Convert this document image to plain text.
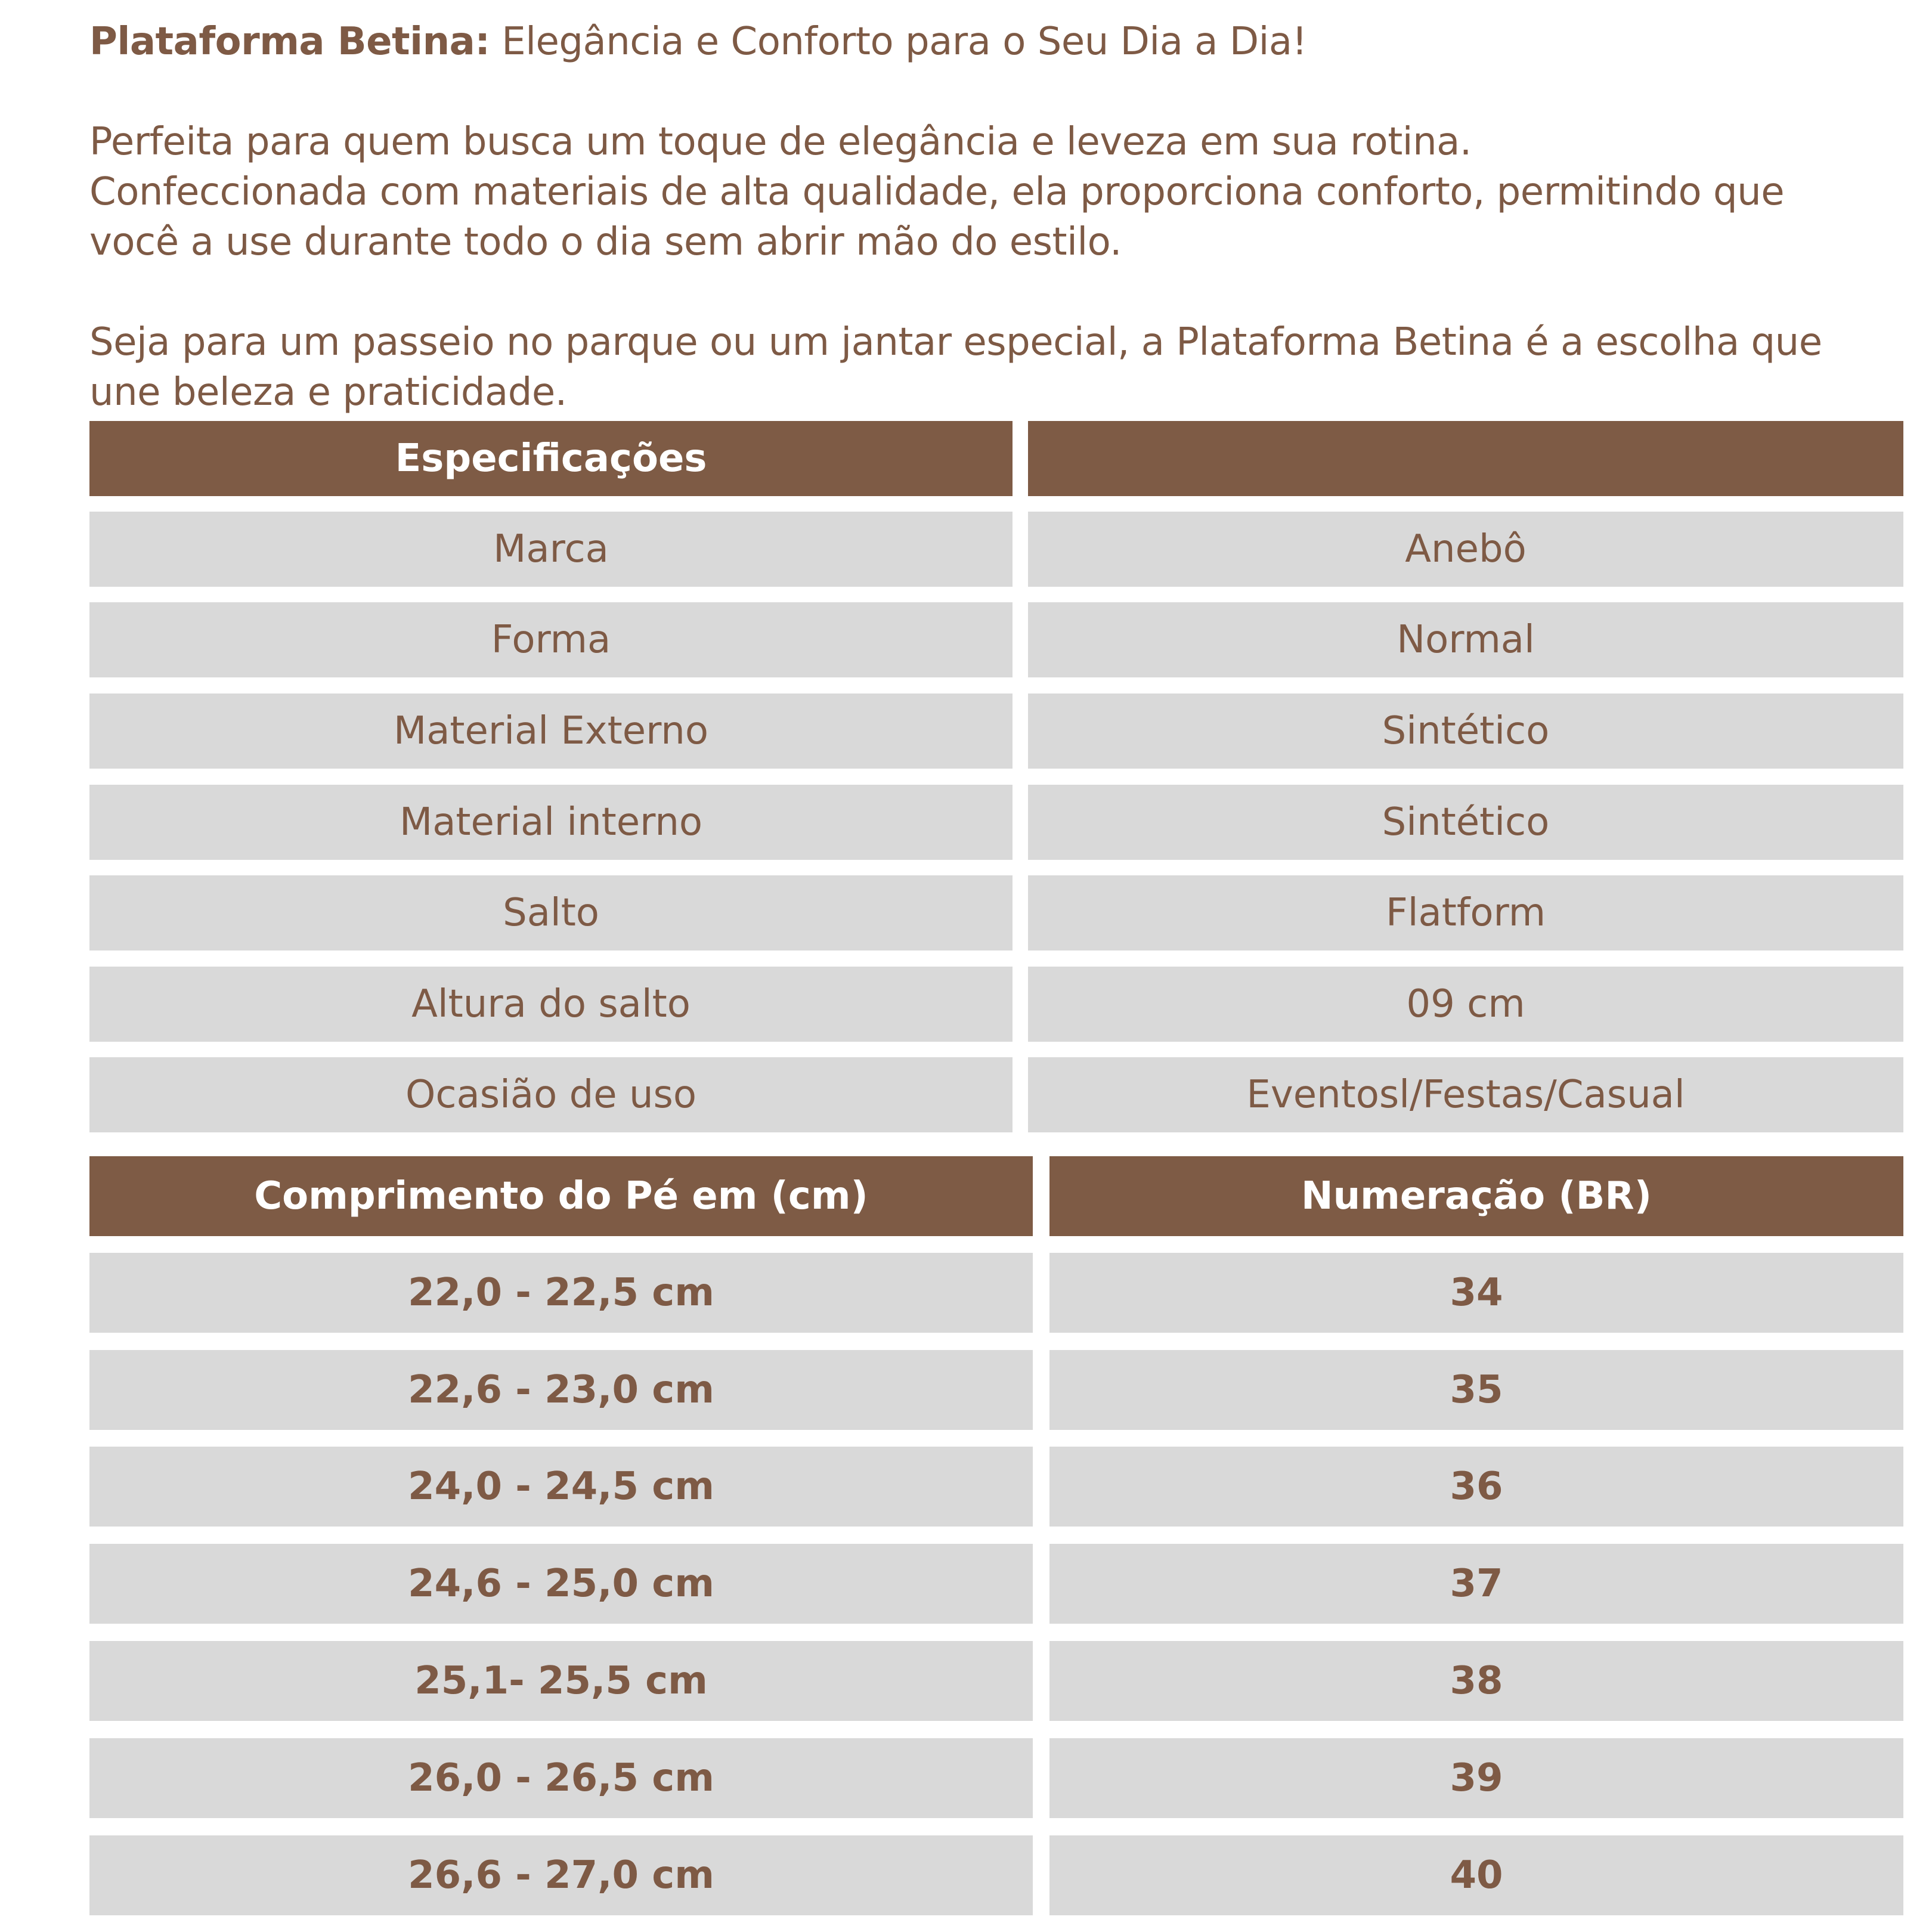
Plataforma Betina: Elegância e Conforto para o Seu Dia a Dia!

Perfeita para quem busca um toque de elegância e leveza em sua rotina.

Confeccionada com materiais de alta qualidade, ela proporciona conforto, permitindo que você a use durante todo o dia sem abrir mão do estilo.

Seja para um passeio no parque ou um jantar especial, a Plataforma Betina é a escolha que une beleza e praticidade.

Especificações
Marca	Anebô
Forma	Normal
Material Externo	Sintético
Material interno	Sintético
Salto	Flatform
Altura do salto	09 cm
Ocasião de uso	Eventosl/Festas/Casual
Comprimento do Pé em (cm)	Numeração (BR)
22,0 - 22,5 cm	34
22,6 - 23,0 cm	35
24,0 - 24,5 cm	36
24,6 - 25,0 cm	37
25,1- 25,5 cm	38
26,0 - 26,5 cm	39
26,6 - 27,0 cm	40
